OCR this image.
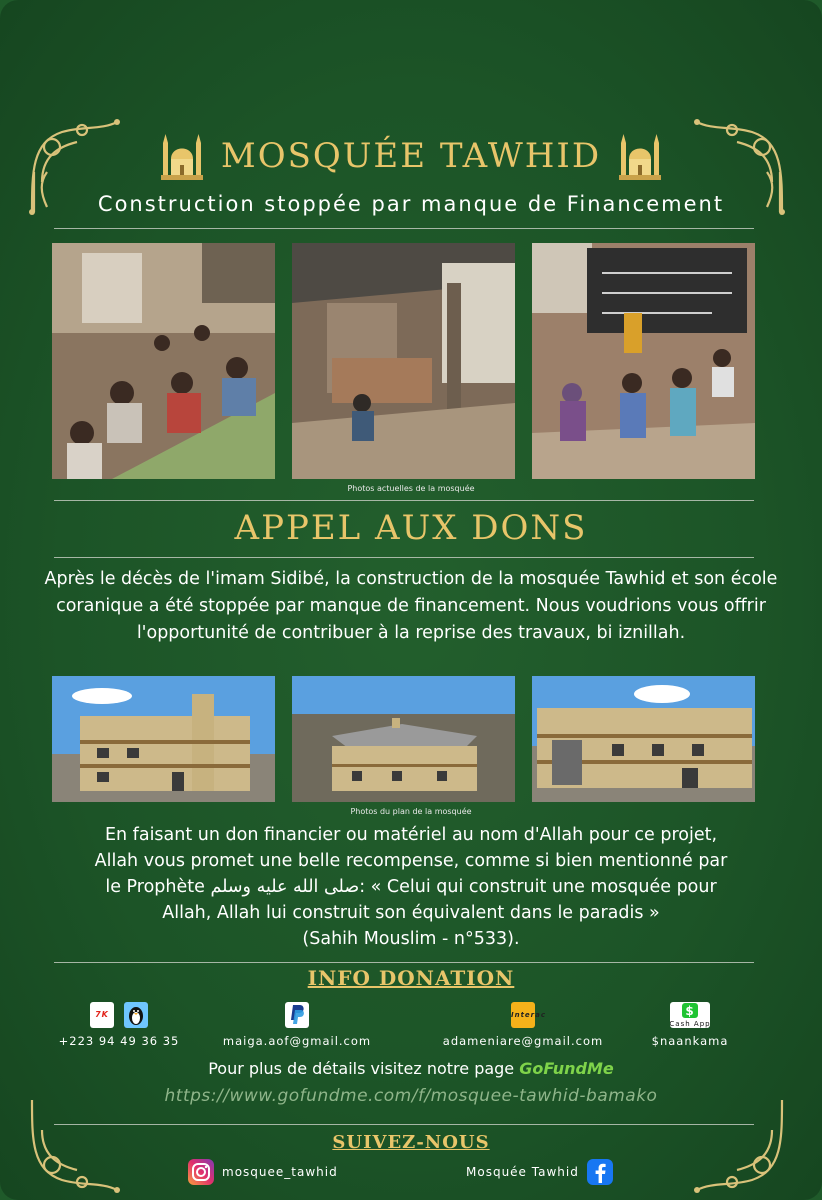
MOSQUÉE TAWHID
Construction stoppée par manque de Financement
Photos actuelles de la mosquée
APPEL AUX DONS
Après le décès de l'imam Sidibé, la construction de la mosquée Tawhid et son école coranique a été stoppée par manque de financement. Nous voudrions vous offrir l'opportunité de contribuer à la reprise des travaux, bi iznillah.
Photos du plan de la mosquée
En faisant un don financier ou matériel au nom d'Allah pour ce projet,
Allah vous promet une belle recompense, comme si bien mentionné par
le Prophète صلى الله عليه وسلم: « Celui qui construit une mosquée pour
Allah, Allah lui construit son équivalent dans le paradis »
(Sahih Mouslim - n°533).
INFO DONATION
7K
+223 94 49 36 35	maiga.aof@gmail.com
Interac
adameniare@gmail.com
$
Cash App
$naankama
Pour plus de détails visitez notre page GoFundMe
https://www.gofundme.com/f/mosquee-tawhid-bamako
SUIVEZ-NOUS
mosquee_tawhid	Mosquée Tawhid
